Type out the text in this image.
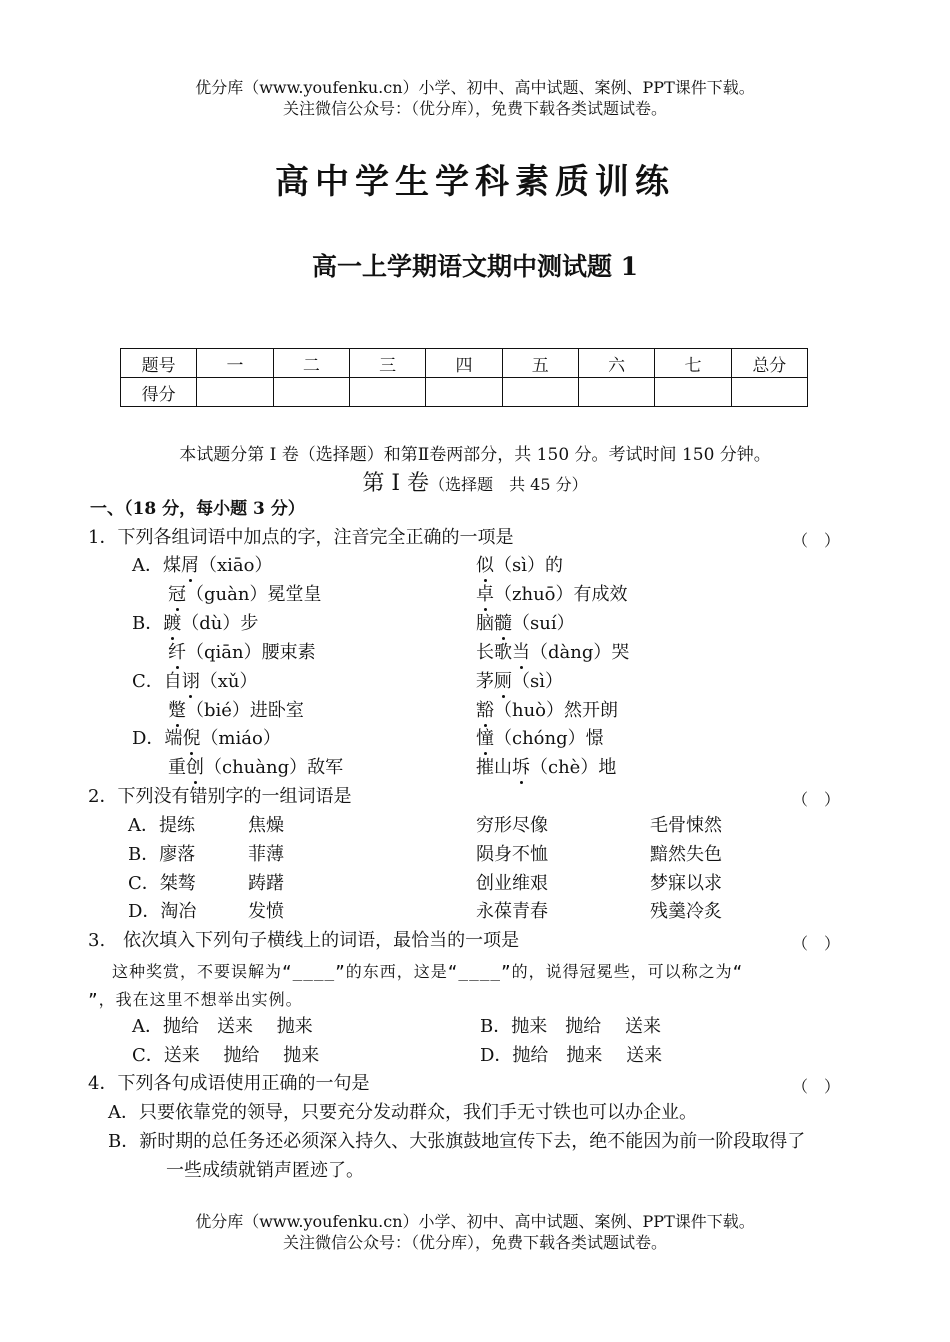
优分库（www.youfenku.cn）小学、初中、高中试题、案例、PPT课件下载。
关注微信公众号：（优分库），免费下载各类试题试卷。
高中学生学科素质训练
高一上学期语文期中测试题 1
题号	一	二	三	四	五	六	七	总分
得分								
本试题分第 I 卷（选择题）和第Ⅱ卷两部分，共 150 分。考试时间 150 分钟。
第 I 卷（选择题　共 45 分）
一、（18 分，每小题 3 分）
1．下列各组词语中加点的字，注音完全正确的一项是	（　）
A．煤屑（xiāo）	似（sì）的
冠（guàn）冕堂皇	卓（zhuō）有成效
B．踱（dù）步	脑髓（suí）
纤（qiān）腰束素	长歌当（dàng）哭
C．自诩（xǔ）	茅厕（sì）
蹩（bié）进卧室	豁（huò）然开朗
D．端倪（miáo）	憧（chóng）憬
重创（chuàng）敌军	摧山坼（chè）地
2．下列没有错别字的一组词语是	（　）
A．提练	焦燥	穷形尽像	毛骨悚然
B．廖落	菲薄	陨身不恤	黯然失色
C．桀骜	踌躇	创业维艰	梦寐以求
D．淘冶	发愤	永葆青春	残羹冷炙
3.　依次填入下列句子横线上的词语，最恰当的一项是	（　）
这种奖赏，不要误解为“____”的东西，这是“____”的，说得冠冕些，可以称之为“
”，我在这里不想举出实例。
A．抛给　送来　 抛来	B．抛来　抛给　 送来
C．送来　 抛给　 抛来	D．抛给　抛来　 送来
4．下列各句成语使用正确的一句是	（　）
A．只要依靠党的领导，只要充分发动群众，我们手无寸铁也可以办企业。
B．新时期的总任务还必须深入持久、大张旗鼓地宣传下去，绝不能因为前一阶段取得了
一些成绩就销声匿迹了。
优分库（www.youfenku.cn）小学、初中、高中试题、案例、PPT课件下载。
关注微信公众号：（优分库），免费下载各类试题试卷。
